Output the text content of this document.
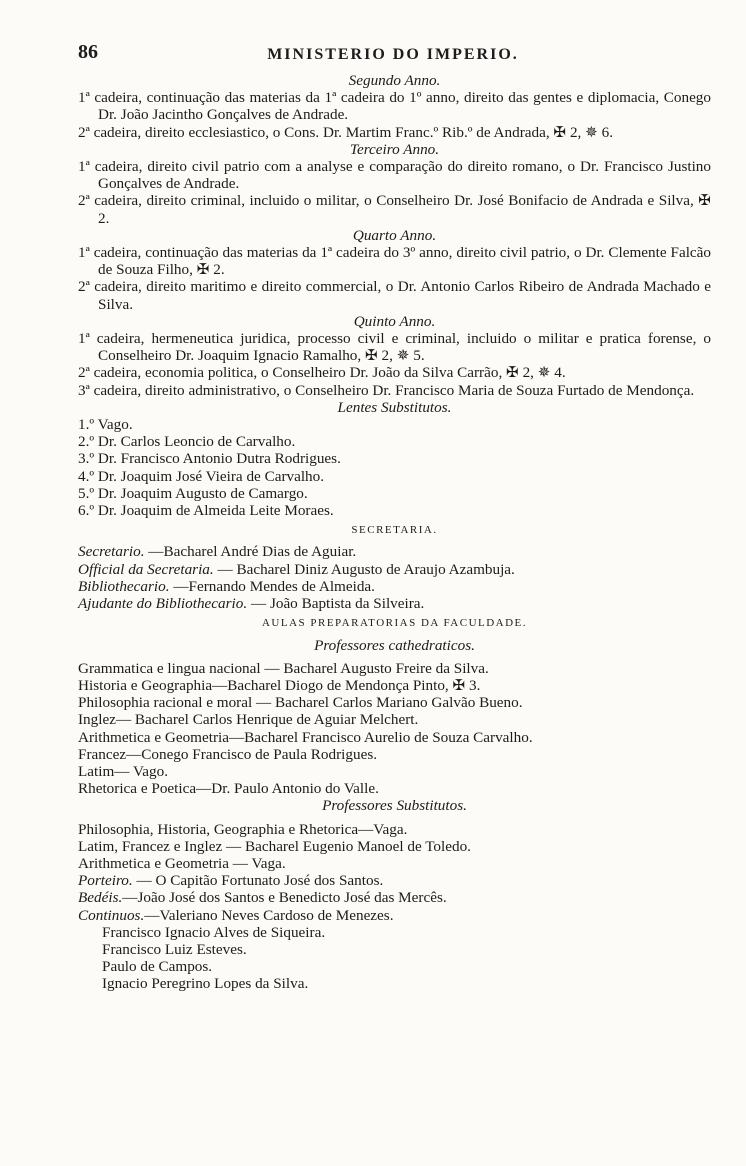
86	MINISTERIO DO IMPERIO.
Segundo Anno.
1ª cadeira, continuação das materias da 1ª cadeira do 1º anno, direito das gentes e diplomacia, Conego Dr. João Jacintho Gonçalves de Andrade.
2ª cadeira, direito ecclesiastico, o Cons. Dr. Martim Franc.º Rib.º de Andrada, ✠ 2, ✵ 6.
Terceiro Anno.
1ª cadeira, direito civil patrio com a analyse e comparação do direito romano, o Dr. Francisco Justino Gonçalves de Andrade.
2ª cadeira, direito criminal, incluido o militar, o Conselheiro Dr. José Bonifacio de Andrada e Silva, ✠ 2.
Quarto Anno.
1ª cadeira, continuação das materias da 1ª cadeira do 3º anno, direito civil patrio, o Dr. Clemente Falcão de Souza Filho, ✠ 2.
2ª cadeira, direito maritimo e direito commercial, o Dr. Antonio Carlos Ribeiro de Andrada Machado e Silva.
Quinto Anno.
1ª cadeira, hermeneutica juridica, processo civil e criminal, incluido o militar e pratica forense, o Conselheiro Dr. Joaquim Ignacio Ramalho, ✠ 2, ✵ 5.
2ª cadeira, economia politica, o Conselheiro Dr. João da Silva Carrão, ✠ 2, ✵ 4.
3ª cadeira, direito administrativo, o Conselheiro Dr. Francisco Maria de Souza Furtado de Mendonça.
Lentes Substitutos.
1.º Vago.
2.º Dr. Carlos Leoncio de Carvalho.
3.º Dr. Francisco Antonio Dutra Rodrigues.
4.º Dr. Joaquim José Vieira de Carvalho.
5.º Dr. Joaquim Augusto de Camargo.
6.º Dr. Joaquim de Almeida Leite Moraes.
SECRETARIA.
Secretario. —Bacharel André Dias de Aguiar.
Official da Secretaria. — Bacharel Diniz Augusto de Araujo Azambuja.
Bibliothecario. —Fernando Mendes de Almeida.
Ajudante do Bibliothecario. — João Baptista da Silveira.
AULAS PREPARATORIAS DA FACULDADE.
Professores cathedraticos.
Grammatica e lingua nacional — Bacharel Augusto Freire da Silva.
Historia e Geographia—Bacharel Diogo de Mendonça Pinto, ✠ 3.
Philosophia racional e moral — Bacharel Carlos Mariano Galvão Bueno.
Inglez— Bacharel Carlos Henrique de Aguiar Melchert.
Arithmetica e Geometria—Bacharel Francisco Aurelio de Souza Carvalho.
Francez—Conego Francisco de Paula Rodrigues.
Latim— Vago.
Rhetorica e Poetica—Dr. Paulo Antonio do Valle.
Professores Substitutos.
Philosophia, Historia, Geographia e Rhetorica—Vaga.
Latim, Francez e Inglez — Bacharel Eugenio Manoel de Toledo.
Arithmetica e Geometria — Vaga.
Porteiro. — O Capitão Fortunato José dos Santos.
Bedéis.—João José dos Santos e Benedicto José das Mercês.
Continuos.—Valeriano Neves Cardoso de Menezes.
Francisco Ignacio Alves de Siqueira.
Francisco Luiz Esteves.
Paulo de Campos.
Ignacio Peregrino Lopes da Silva.
